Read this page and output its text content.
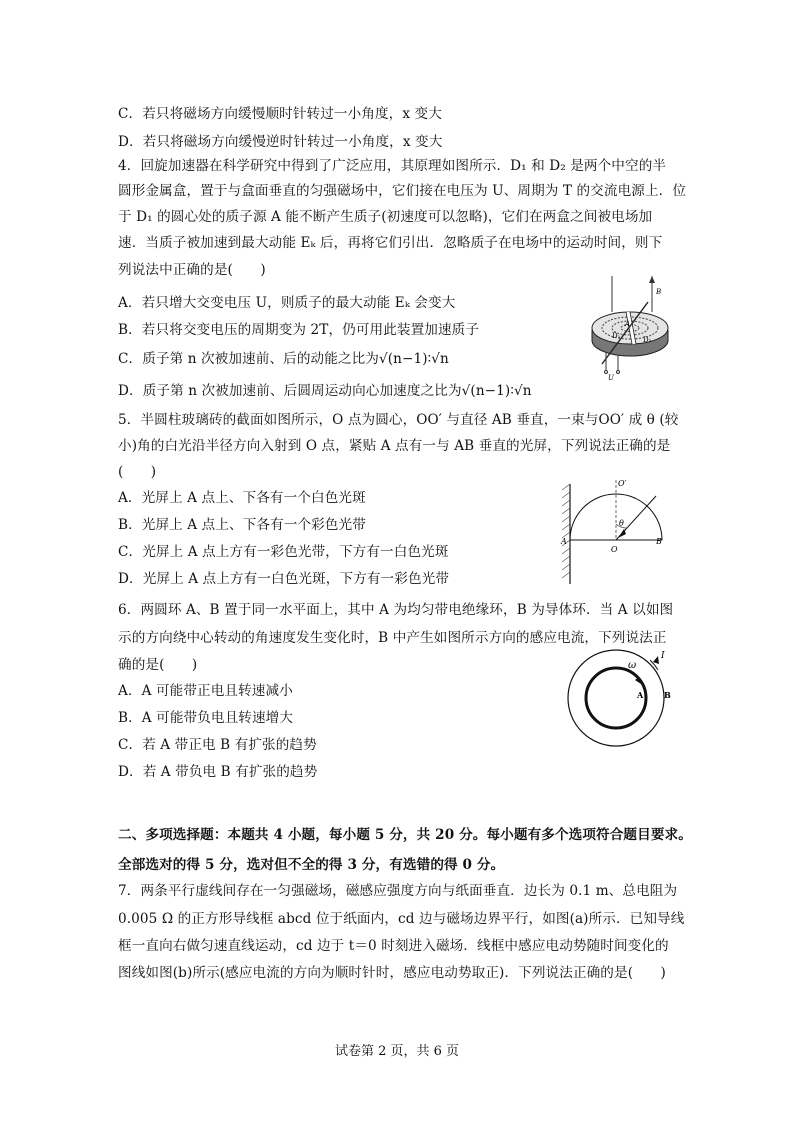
C．若只将磁场方向缓慢顺时针转过一小角度，x 变大
D．若只将磁场方向缓慢逆时针转过一小角度，x 变大
4．回旋加速器在科学研究中得到了广泛应用，其原理如图所示．D₁ 和 D₂ 是两个中空的半
圆形金属盒，置于与盒面垂直的匀强磁场中，它们接在电压为 U、周期为 T 的交流电源上．位
于 D₁ 的圆心处的质子源 A 能不断产生质子(初速度可以忽略)，它们在两盒之间被电场加
速．当质子被加速到最大动能 Eₖ 后，再将它们引出．忽略质子在电场中的运动时间，则下
列说法中正确的是(　　)
A．若只增大交变电压 U，则质子的最大动能 Eₖ 会变大
B．若只将交变电压的周期变为 2T，仍可用此装置加速质子
C．质子第 n 次被加速前、后的动能之比为√(n−1)∶√n
D．质子第 n 次被加速前、后圆周运动向心加速度之比为√(n−1)∶√n
B
A
D₁	D₂
U
5．半圆柱玻璃砖的截面如图所示，O 点为圆心，OO′ 与直径 AB 垂直，一束与OO′ 成 θ (较
小)角的白光沿半径方向入射到 O 点，紧贴 A 点有一与 AB 垂直的光屏，下列说法正确的是
(　　)
A．光屏上 A 点上、下各有一个白色光斑
B．光屏上 A 点上、下各有一个彩色光带
C．光屏上 A 点上方有一彩色光带，下方有一白色光斑
D．光屏上 A 点上方有一白色光斑，下方有一彩色光带
O′
θ
A
O
B
6．两圆环 A、B 置于同一水平面上，其中 A 为均匀带电绝缘环，B 为导体环．当 A 以如图
示的方向绕中心转动的角速度发生变化时，B 中产生如图所示方向的感应电流，下列说法正
确的是(　　)
A．A 可能带正电且转速减小
B．A 可能带负电且转速增大
C．若 A 带正电 B 有扩张的趋势
D．若 A 带负电 B 有扩张的趋势
ω
I
A	B
二、多项选择题：本题共 4 小题，每小题 5 分，共 20 分。每小题有多个选项符合题目要求。
全部选对的得 5 分，选对但不全的得 3 分，有选错的得 0 分。
7．两条平行虚线间存在一匀强磁场，磁感应强度方向与纸面垂直．边长为 0.1 m、总电阻为
0.005 Ω 的正方形导线框 abcd 位于纸面内，cd 边与磁场边界平行，如图(a)所示．已知导线
框一直向右做匀速直线运动，cd 边于 t＝0 时刻进入磁场．线框中感应电动势随时间变化的
图线如图(b)所示(感应电流的方向为顺时针时，感应电动势取正)．下列说法正确的是(　　)
试卷第 2 页，共 6 页
